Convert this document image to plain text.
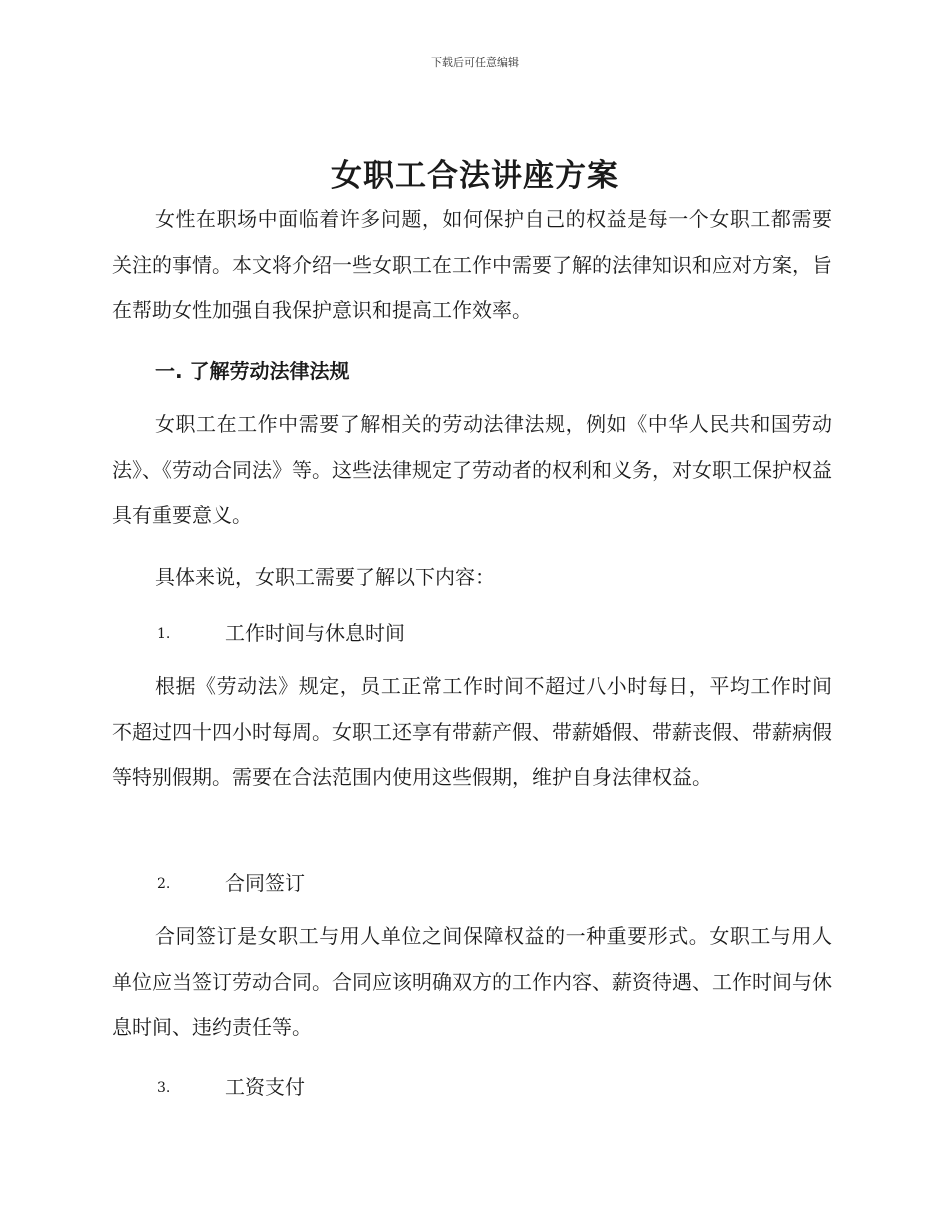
下载后可任意编辑
女职工合法讲座方案
女性在职场中面临着许多问题，如何保护自己的权益是每一个女职工都需要关注的事情。本文将介绍一些女职工在工作中需要了解的法律知识和应对方案，旨在帮助女性加强自我保护意识和提高工作效率。
一. 了解劳动法律法规
女职工在工作中需要了解相关的劳动法律法规，例如《中华人民共和国劳动法》、《劳动合同法》等。这些法律规定了劳动者的权利和义务，对女职工保护权益具有重要意义。
具体来说，女职工需要了解以下内容：
1.	工作时间与休息时间
根据《劳动法》规定，员工正常工作时间不超过八小时每日，平均工作时间不超过四十四小时每周。女职工还享有带薪产假、带薪婚假、带薪丧假、带薪病假等特别假期。需要在合法范围内使用这些假期，维护自身法律权益。
2.	合同签订
合同签订是女职工与用人单位之间保障权益的一种重要形式。女职工与用人单位应当签订劳动合同。合同应该明确双方的工作内容、薪资待遇、工作时间与休息时间、违约责任等。
3.	工资支付
